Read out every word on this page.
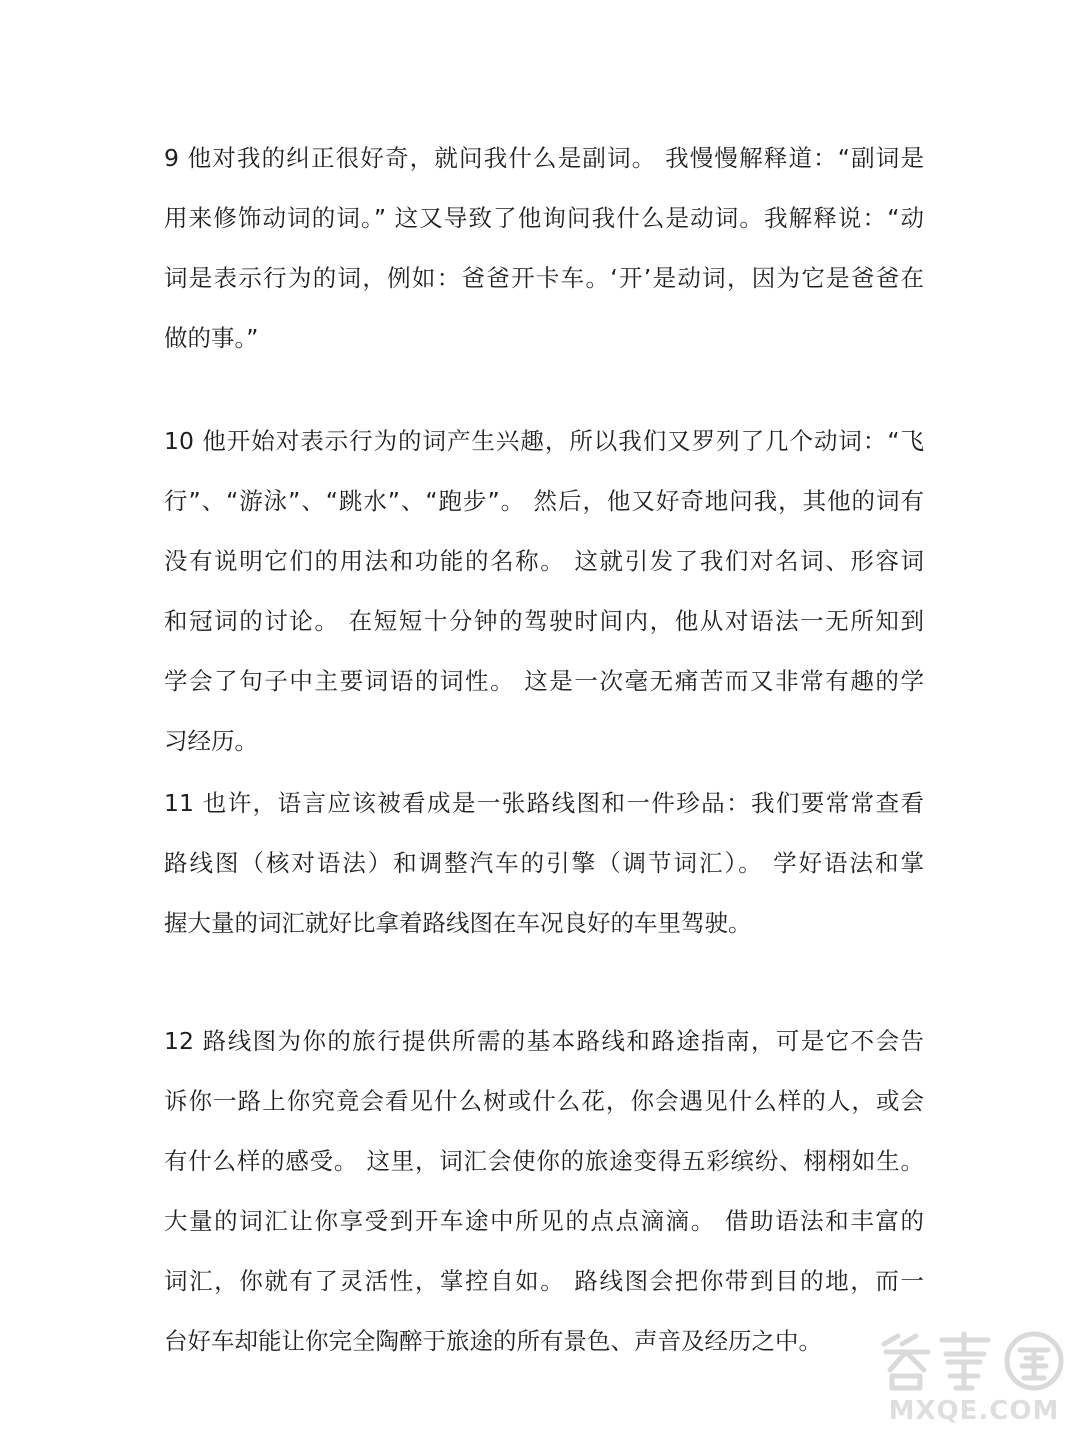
9 他对我的纠正很好奇，就问我什么是副词。 我慢慢解释道：“副词是
用来修饰动词的词。” 这又导致了他询问我什么是动词。我解释说：“动
词是表示行为的词，例如：爸爸开卡车。‘开’是动词，因为它是爸爸在
做的事。”
10 他开始对表示行为的词产生兴趣，所以我们又罗列了几个动词：“飞
行”、“游泳”、“跳水”、“跑步”。 然后，他又好奇地问我，其他的词有
没有说明它们的用法和功能的名称。 这就引发了我们对名词、形容词
和冠词的讨论。 在短短十分钟的驾驶时间内，他从对语法一无所知到
学会了句子中主要词语的词性。 这是一次毫无痛苦而又非常有趣的学
习经历。
11 也许，语言应该被看成是一张路线图和一件珍品：我们要常常查看
路线图（核对语法）和调整汽车的引擎（调节词汇）。 学好语法和掌
握大量的词汇就好比拿着路线图在车况良好的车里驾驶。
12 路线图为你的旅行提供所需的基本路线和路途指南，可是它不会告
诉你一路上你究竟会看见什么树或什么花，你会遇见什么样的人，或会
有什么样的感受。 这里，词汇会使你的旅途变得五彩缤纷、栩栩如生。
大量的词汇让你享受到开车途中所见的点点滴滴。 借助语法和丰富的
词汇，你就有了灵活性，掌控自如。 路线图会把你带到目的地，而一
台好车却能让你完全陶醉于旅途的所有景色、声音及经历之中。
MXQE.COM
